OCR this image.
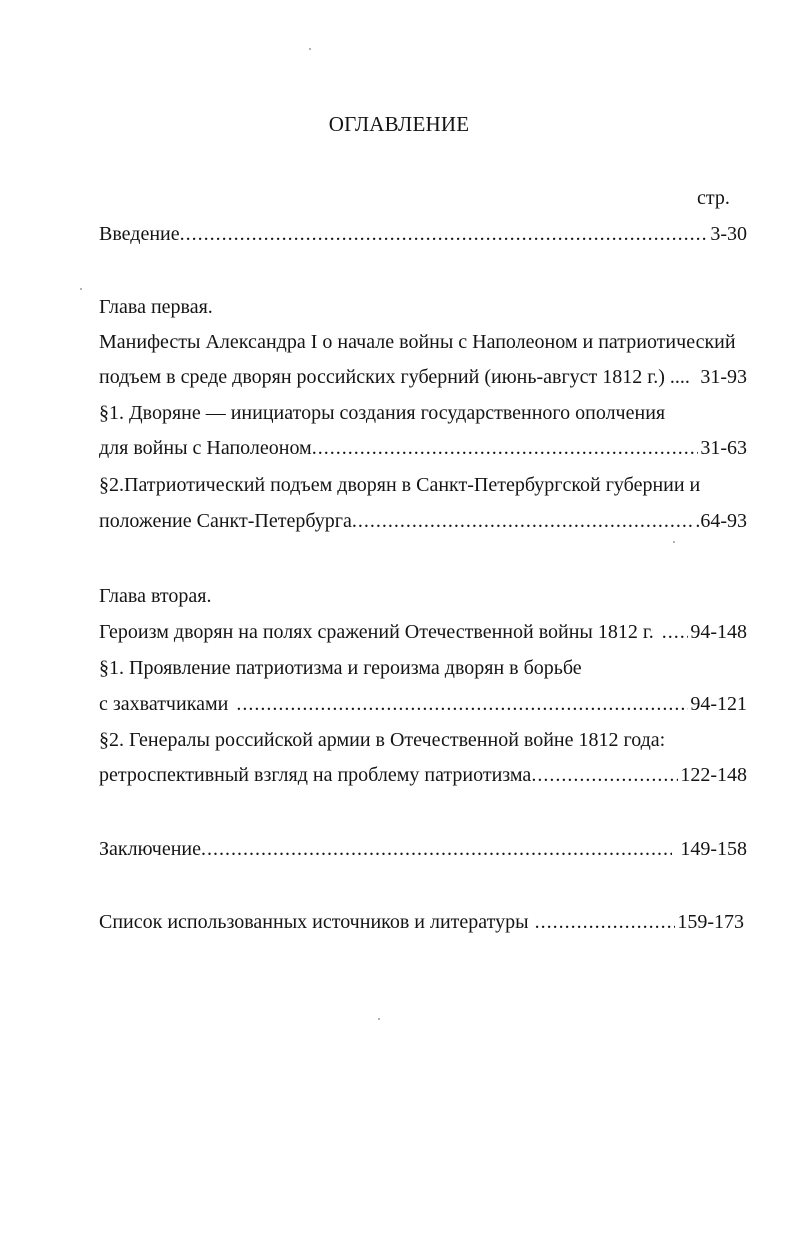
ОГЛАВЛЕНИЕ
стр.
Введение .....	3-30
Глава первая.
Манифесты Александра I о начале войны с Наполеоном и патриотический
подъем в среде дворян российских губерний (июнь-август 1812 г.) .... 31-93
§1. Дворяне — инициаторы создания государственного ополчения
для войны с Наполеоном .....	31-63
§2.Патриотический подъем дворян в Санкт-Петербургской губернии и
положение Санкт-Петербурга .....	.64-93
Глава вторая.
Героизм дворян на полях сражений Отечественной войны 1812 г. ..... 94-148
§1. Проявление патриотизма и героизма дворян в борьбе
с захватчиками .....	94-121
§2. Генералы российской армии в Отечественной войне 1812 года:
ретроспективный взгляд на проблему патриотизма .....	122-148
Заключение .....	149-158
Список использованных источников и литературы .....	159-173
